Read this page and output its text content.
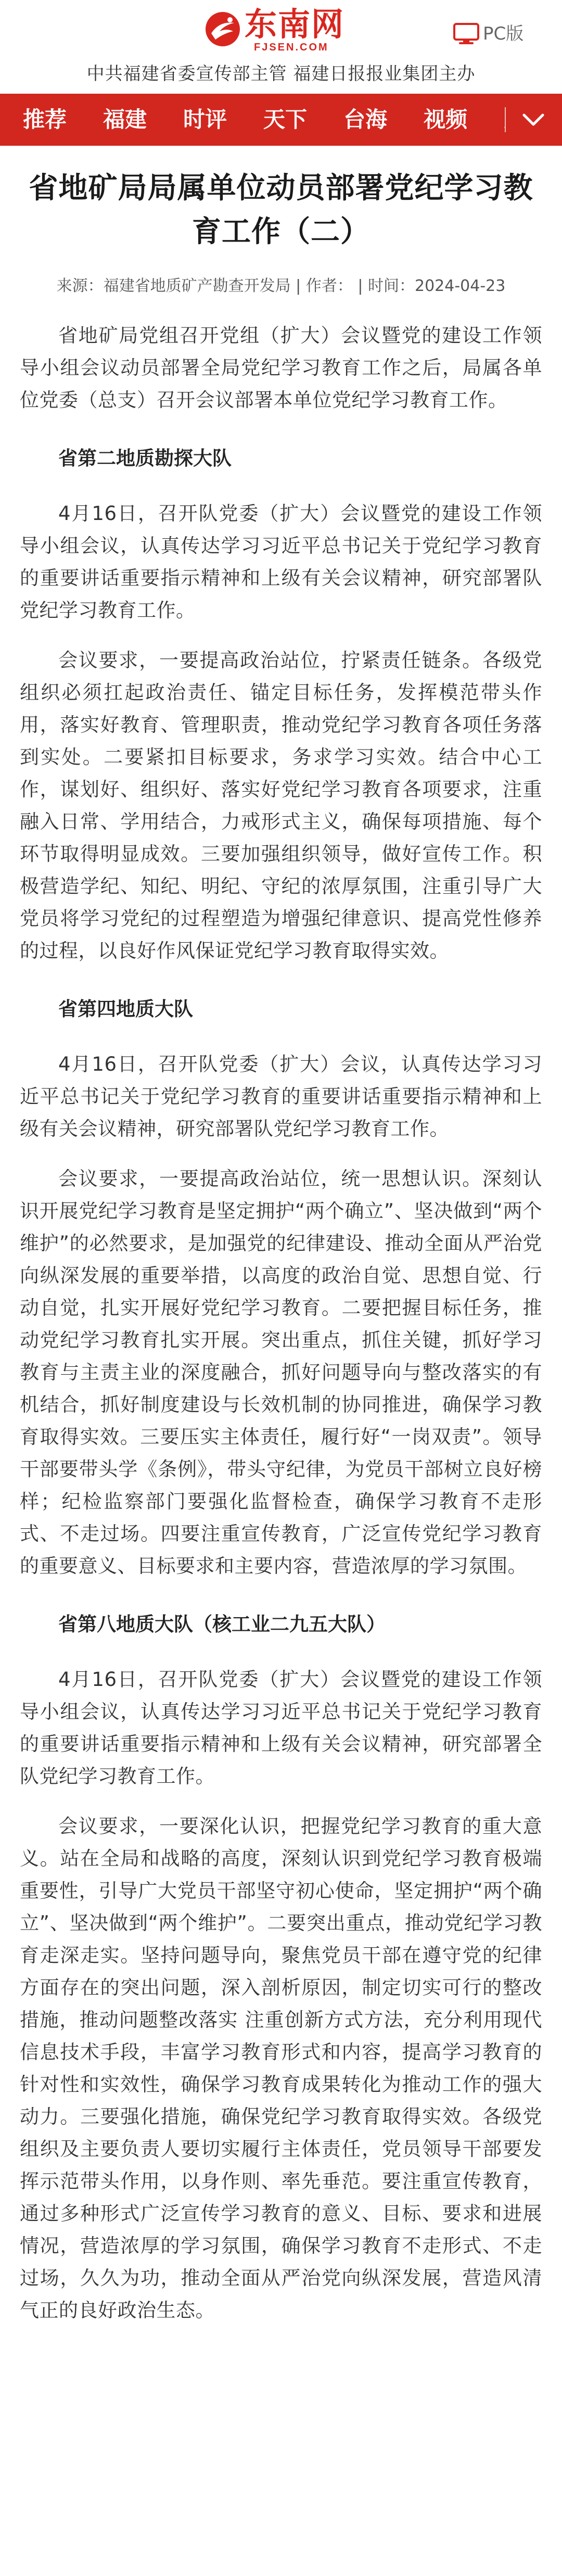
东南网
FJSEN.COM
PC版
中共福建省委宣传部主管 福建日报报业集团主办
推荐 福建 时评 天下 台海 视频
省地矿局局属单位动员部署党纪学习教育工作（二）
来源：福建省地质矿产勘查开发局 | 作者： | 时间：2024-04-23

省地矿局党组召开党组（扩大）会议暨党的建设工作领导小组会议动员部署全局党纪学习教育工作之后，局属各单位党委（总支）召开会议部署本单位党纪学习教育工作。

省第二地质勘探大队

4月16日，召开队党委（扩大）会议暨党的建设工作领导小组会议，认真传达学习习近平总书记关于党纪学习教育的重要讲话重要指示精神和上级有关会议精神，研究部署队党纪学习教育工作。

会议要求，一要提高政治站位，拧紧责任链条。各级党组织必须扛起政治责任、锚定目标任务，发挥模范带头作用，落实好教育、管理职责，推动党纪学习教育各项任务落到实处。二要紧扣目标要求，务求学习实效。结合中心工作，谋划好、组织好、落实好党纪学习教育各项要求，注重融入日常、学用结合，力戒形式主义，确保每项措施、每个环节取得明显成效。三要加强组织领导，做好宣传工作。积极营造学纪、知纪、明纪、守纪的浓厚氛围，注重引导广大党员将学习党纪的过程塑造为增强纪律意识、提高党性修养的过程，以良好作风保证党纪学习教育取得实效。

省第四地质大队

4月16日，召开队党委（扩大）会议，认真传达学习习近平总书记关于党纪学习教育的重要讲话重要指示精神和上级有关会议精神，研究部署队党纪学习教育工作。

会议要求，一要提高政治站位，统一思想认识。深刻认识开展党纪学习教育是坚定拥护“两个确立”、坚决做到“两个维护”的必然要求，是加强党的纪律建设、推动全面从严治党向纵深发展的重要举措，以高度的政治自觉、思想自觉、行动自觉，扎实开展好党纪学习教育。二要把握目标任务，推动党纪学习教育扎实开展。突出重点，抓住关键，抓好学习教育与主责主业的深度融合，抓好问题导向与整改落实的有机结合，抓好制度建设与长效机制的协同推进，确保学习教育取得实效。三要压实主体责任，履行好“一岗双责”。领导干部要带头学《条例》，带头守纪律，为党员干部树立良好榜样；纪检监察部门要强化监督检查，确保学习教育不走形式、不走过场。四要注重宣传教育，广泛宣传党纪学习教育的重要意义、目标要求和主要内容，营造浓厚的学习氛围。

省第八地质大队（核工业二九五大队）

4月16日，召开队党委（扩大）会议暨党的建设工作领导小组会议，认真传达学习习近平总书记关于党纪学习教育的重要讲话重要指示精神和上级有关会议精神，研究部署全队党纪学习教育工作。

会议要求，一要深化认识，把握党纪学习教育的重大意义。站在全局和战略的高度，深刻认识到党纪学习教育极端重要性，引导广大党员干部坚守初心使命，坚定拥护“两个确立”、坚决做到“两个维护”。二要突出重点，推动党纪学习教育走深走实。坚持问题导向，聚焦党员干部在遵守党的纪律方面存在的突出问题，深入剖析原因，制定切实可行的整改措施，推动问题整改落实 注重创新方式方法，充分利用现代信息技术手段，丰富学习教育形式和内容，提高学习教育的针对性和实效性，确保学习教育成果转化为推动工作的强大动力。三要强化措施，确保党纪学习教育取得实效。各级党组织及主要负责人要切实履行主体责任，党员领导干部要发挥示范带头作用，以身作则、率先垂范。要注重宣传教育，通过多种形式广泛宣传学习教育的意义、目标、要求和进展情况，营造浓厚的学习氛围，确保学习教育不走形式、不走过场，久久为功，推动全面从严治党向纵深发展，营造风清气正的良好政治生态。
